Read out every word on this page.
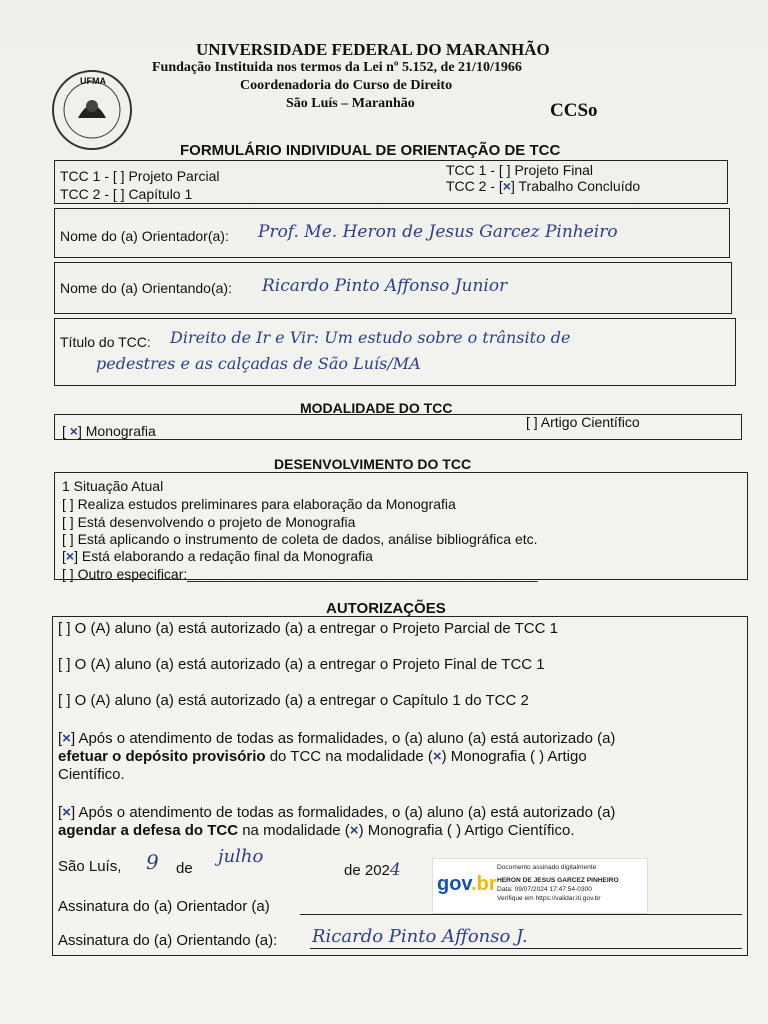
UFMA
UNIVERSIDADE FEDERAL DO MARANHÃO
Fundação Instituida nos termos da Lei nº 5.152, de 21/10/1966
Coordenadoria do Curso de Direito
São Luís – Maranhão	CCSo
FORMULÁRIO INDIVIDUAL DE ORIENTAÇÃO DE TCC
TCC 1 - [ ] Projeto Parcial
TCC 2 - [ ] Capítulo 1
TCC 1 - [ ] Projeto Final
TCC 2 - [×] Trabalho Concluído
Nome do (a) Orientador(a): Prof. Me. Heron de Jesus Garcez Pinheiro
Nome do (a) Orientando(a): Ricardo Pinto Affonso Junior
Título do TCC: Direito de Ir e Vir: Um estudo sobre o trânsito de
pedestres e as calçadas de São Luís/MA
MODALIDADE DO TCC
[ ×] Monografia
[ ] Artigo Científico
DESENVOLVIMENTO DO TCC
1 Situação Atual
[ ] Realiza estudos preliminares para elaboração da Monografia
[ ] Está desenvolvendo o projeto de Monografia
[ ] Está aplicando o instrumento de coleta de dados, análise bibliográfica etc.
[×] Está elaborando a redação final da Monografia
[ ] Outro especificar:_____________________________________________
AUTORIZAÇÕES
[ ] O (A) aluno (a) está autorizado (a) a entregar o Projeto Parcial de TCC 1
[ ] O (A) aluno (a) está autorizado (a) a entregar o Projeto Final de TCC 1
[ ] O (A) aluno (a) está autorizado (a) a entregar o Capítulo 1 do TCC 2
[×] Após o atendimento de todas as formalidades, o (a) aluno (a) está autorizado (a)
efetuar o depósito provisório do TCC na modalidade (×) Monografia ( ) Artigo
Científico.
[×] Após o atendimento de todas as formalidades, o (a) aluno (a) está autorizado (a)
agendar a defesa do TCC na modalidade (×) Monografia ( ) Artigo Científico.
São Luís, 9 de
julho
de 2024
gov.br
Documento assinado digitalmente
HERON DE JESUS GARCEZ PINHEIRO
Data: 09/07/2024 17:47:54-0300
Verifique em https://validar.iti.gov.br
Assinatura do (a) Orientador (a)
Assinatura do (a) Orientando (a): Ricardo Pinto Affonso J.
